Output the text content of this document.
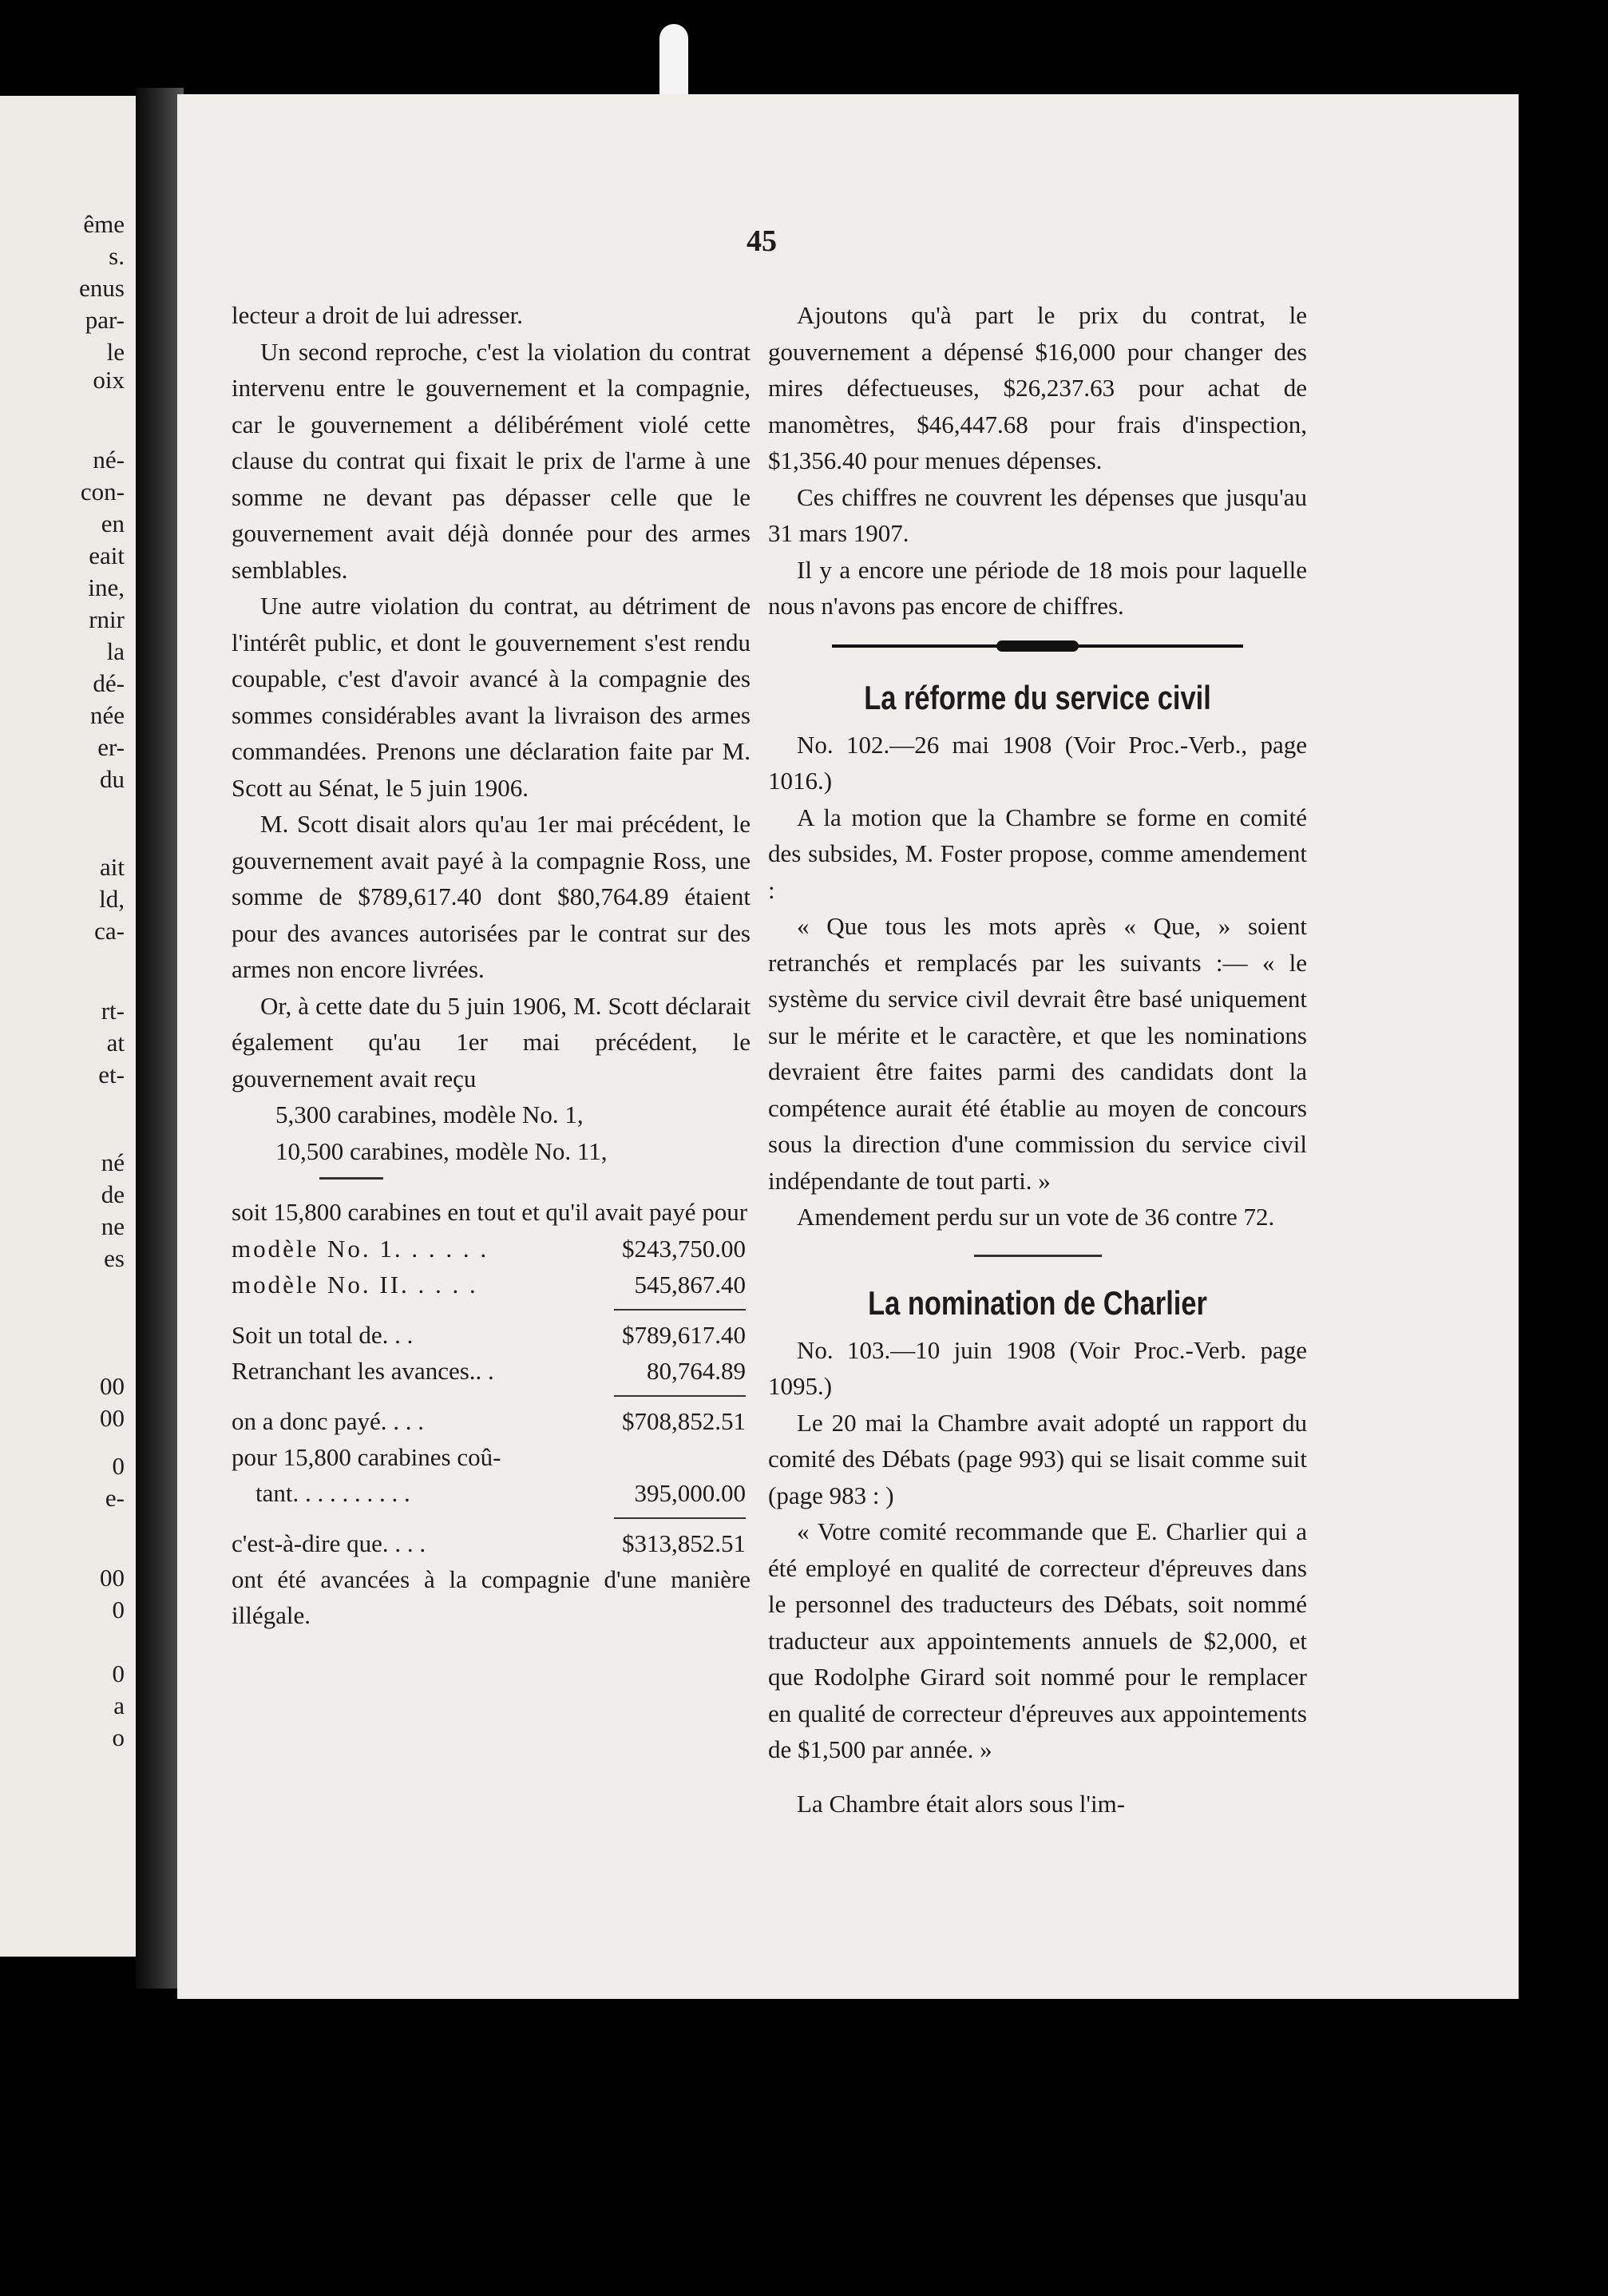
ême
s.
enus
par-
le
oix
né-
con-
en
eait
ine,
rnir
la
dé-
née
er-
du
ait
ld,
ca-
rt-
at
et-
né
de
ne
es
00
00
0
e-
00
0
0
a
o
45

lecteur a droit de lui adresser.

Un second reproche, c'est la violation du contrat intervenu entre le gouvernement et la compagnie, car le gouvernement a délibérément violé cette clause du contrat qui fixait le prix de l'arme à une somme ne devant pas dépasser celle que le gouvernement avait déjà donnée pour des armes semblables.

Une autre violation du contrat, au détriment de l'intérêt public, et dont le gouvernement s'est rendu coupable, c'est d'avoir avancé à la compagnie des sommes considérables avant la livraison des armes commandées. Prenons une déclaration faite par M. Scott au Sénat, le 5 juin 1906.

M. Scott disait alors qu'au 1er mai précédent, le gouvernement avait payé à la compagnie Ross, une somme de $789,617.40 dont $80,764.89 étaient pour des avances autorisées par le contrat sur des armes non encore livrées.

Or, à cette date du 5 juin 1906, M. Scott déclarait également qu'au 1er mai précédent, le gouvernement avait reçu

5,300 carabines, modèle No. 1,
10,500 carabines, modèle No. 11,

soit 15,800 carabines en tout et qu'il avait payé pour

modèle No. 1. . . . . .	$243,750.00
modèle No. II. . . . .	545,867.40
Soit un total de. . .	$789,617.40
Retranchant les avances.. .	80,764.89
on a donc payé. . . .	$708,852.51
pour 15,800 carabines coû-
tant. . . . . . . . . .	395,000.00
c'est-à-dire que. . . .	$313,852.51

ont été avancées à la compagnie d'une manière illégale.

Ajoutons qu'à part le prix du contrat, le gouvernement a dépensé $16,000 pour changer des mires défectueuses, $26,237.63 pour achat de manomètres, $46,447.68 pour frais d'inspection, $1,356.40 pour menues dépenses.

Ces chiffres ne couvrent les dépenses que jusqu'au 31 mars 1907.

Il y a encore une période de 18 mois pour laquelle nous n'avons pas encore de chiffres.

La réforme du service civil

No. 102.—26 mai 1908 (Voir Proc.-Verb., page 1016.)

A la motion que la Chambre se forme en comité des subsides, M. Foster propose, comme amendement :

« Que tous les mots après « Que, » soient retranchés et remplacés par les suivants :— « le système du service civil devrait être basé uniquement sur le mérite et le caractère, et que les nominations devraient être faites parmi des candidats dont la compétence aurait été établie au moyen de concours sous la direction d'une commission du service civil indépendante de tout parti. »

Amendement perdu sur un vote de 36 contre 72.

La nomination de Charlier

No. 103.—10 juin 1908 (Voir Proc.-Verb. page 1095.)

Le 20 mai la Chambre avait adopté un rapport du comité des Débats (page 993) qui se lisait comme suit (page 983 : )

« Votre comité recommande que E. Charlier qui a été employé en qualité de correcteur d'épreuves dans le personnel des traducteurs des Débats, soit nommé traducteur aux appointements annuels de $2,000, et que Rodolphe Girard soit nommé pour le remplacer en qualité de correcteur d'épreuves aux appointements de $1,500 par année. »

La Chambre était alors sous l'im-
